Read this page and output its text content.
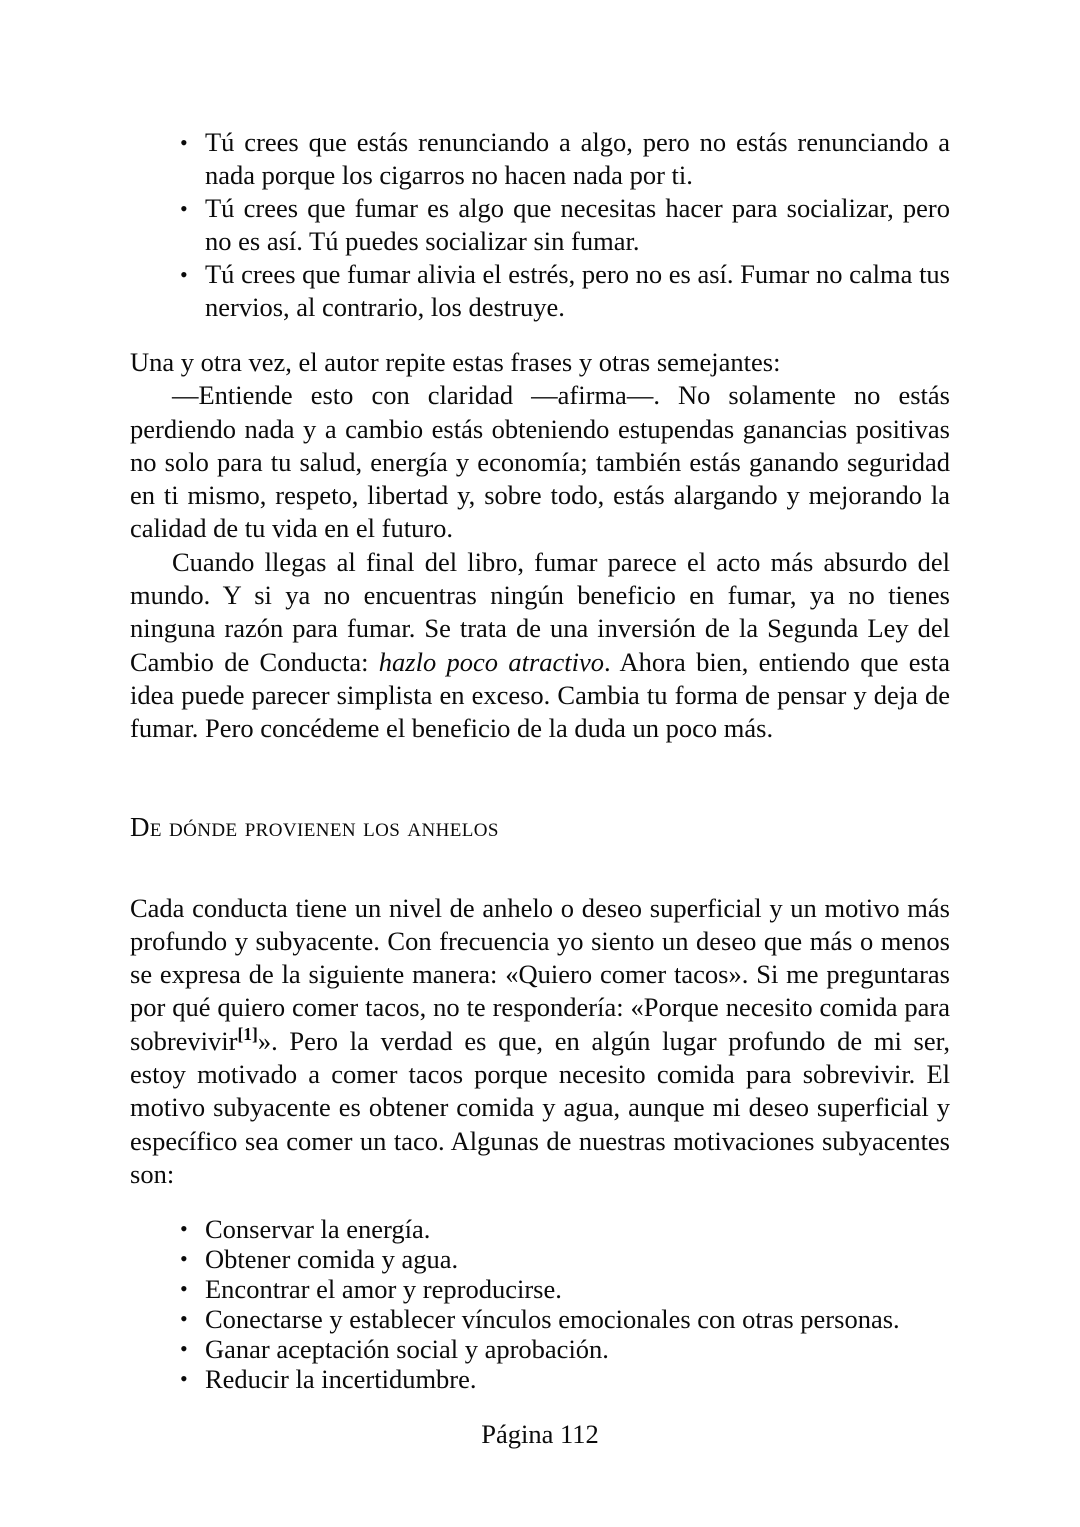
• Tú crees que estás renunciando a algo, pero no estás renunciando a nada porque los cigarros no hacen nada por ti.
• Tú crees que fumar es algo que necesitas hacer para socializar, pero no es así. Tú puedes socializar sin fumar.
• Tú crees que fumar alivia el estrés, pero no es así. Fumar no calma tus nervios, al contrario, los destruye.

Una y otra vez, el autor repite estas frases y otras semejantes:

—Entiende esto con claridad —afirma—. No solamente no estás perdiendo nada y a cambio estás obteniendo estupendas ganancias positivas no solo para tu salud, energía y economía; también estás ganando seguridad en ti mismo, respeto, libertad y, sobre todo, estás alargando y mejorando la calidad de tu vida en el futuro.

Cuando llegas al final del libro, fumar parece el acto más absurdo del mundo. Y si ya no encuentras ningún beneficio en fumar, ya no tienes ninguna razón para fumar. Se trata de una inversión de la Segunda Ley del Cambio de Conducta: hazlo poco atractivo. Ahora bien, entiendo que esta idea puede parecer simplista en exceso. Cambia tu forma de pensar y deja de fumar. Pero concédeme el beneficio de la duda un poco más.

De dónde provienen los anhelos

Cada conducta tiene un nivel de anhelo o deseo superficial y un motivo más profundo y subyacente. Con frecuencia yo siento un deseo que más o menos se expresa de la siguiente manera: «Quiero comer tacos». Si me preguntaras por qué quiero comer tacos, no te respondería: «Porque necesito comida para sobrevivir[1]». Pero la verdad es que, en algún lugar profundo de mi ser, estoy motivado a comer tacos porque necesito comida para sobrevivir. El motivo subyacente es obtener comida y agua, aunque mi deseo superficial y específico sea comer un taco. Algunas de nuestras motivaciones subyacentes son:

• Conservar la energía.
• Obtener comida y agua.
• Encontrar el amor y reproducirse.
• Conectarse y establecer vínculos emocionales con otras personas.
• Ganar aceptación social y aprobación.
• Reducir la incertidumbre.
Página 112
